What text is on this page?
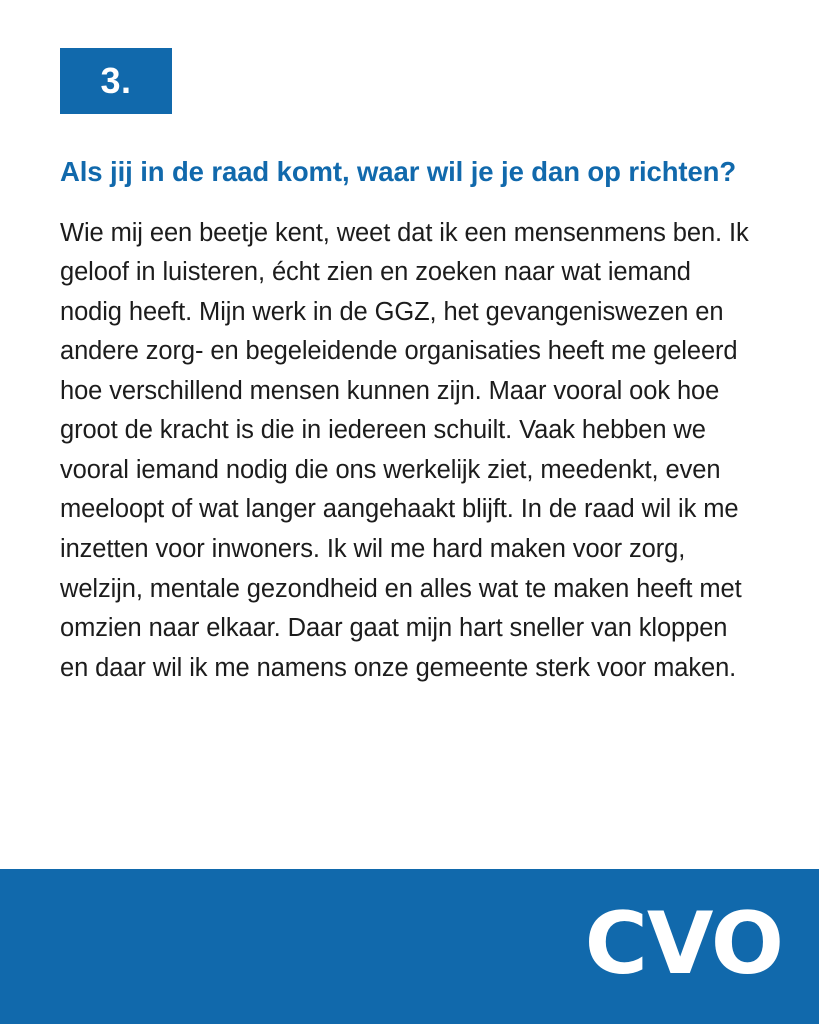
3.
Als jij in de raad komt, waar wil je je dan op richten?

Wie mij een beetje kent, weet dat ik een mensenmens ben. Ik geloof in luisteren, écht zien en zoeken naar wat iemand nodig heeft. Mijn werk in de GGZ, het gevangeniswezen en andere zorg- en begeleidende organisaties heeft me geleerd hoe verschillend mensen kunnen zijn. Maar vooral ook hoe groot de kracht is die in iedereen schuilt. Vaak hebben we vooral iemand nodig die ons werkelijk ziet, meedenkt, even meeloopt of wat langer aangehaakt blijft. In de raad wil ik me inzetten voor inwoners. Ik wil me hard maken voor zorg, welzijn, mentale gezondheid en alles wat te maken heeft met omzien naar elkaar. Daar gaat mijn hart sneller van kloppen en daar wil ik me namens onze gemeente sterk voor maken.

CVO
